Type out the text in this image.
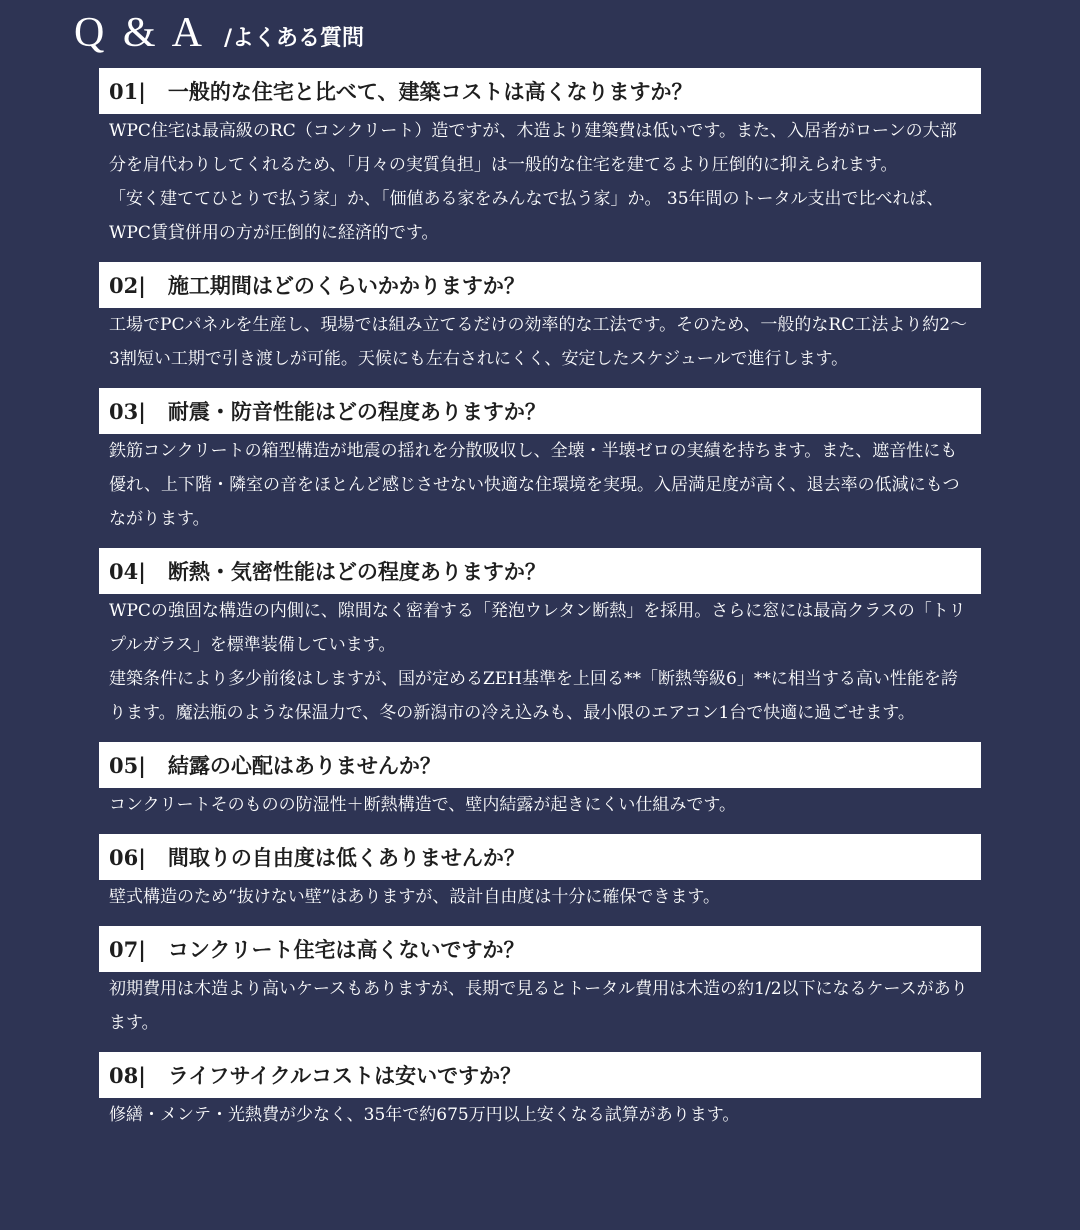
Q & A /よくある質問
01| 一般的な住宅と比べて、建築コストは高くなりますか？

WPC住宅は最高級のRC（コンクリート）造ですが、木造より建築費は低いです。また、入居者がローンの大部分を肩代わりしてくれるため、「月々の実質負担」は一般的な住宅を建てるより圧倒的に抑えられます。

「安く建ててひとりで払う家」か、「価値ある家をみんなで払う家」か。 35年間のトータル支出で比べれば、WPC賃貸併用の方が圧倒的に経済的です。

02| 施工期間はどのくらいかかりますか？

工場でPCパネルを生産し、現場では組み立てるだけの効率的な工法です。そのため、一般的なRC工法より約2〜3割短い工期で引き渡しが可能。天候にも左右されにくく、安定したスケジュールで進行します。

03| 耐震・防音性能はどの程度ありますか？

鉄筋コンクリートの箱型構造が地震の揺れを分散吸収し、全壊・半壊ゼロの実績を持ちます。また、遮音性にも優れ、上下階・隣室の音をほとんど感じさせない快適な住環境を実現。入居満足度が高く、退去率の低減にもつながります。

04| 断熱・気密性能はどの程度ありますか？

WPCの強固な構造の内側に、隙間なく密着する「発泡ウレタン断熱」を採用。さらに窓には最高クラスの「トリプルガラス」を標準装備しています。

建築条件により多少前後はしますが、国が定めるZEH基準を上回る**「断熱等級6」**に相当する高い性能を誇ります。魔法瓶のような保温力で、冬の新潟市の冷え込みも、最小限のエアコン1台で快適に過ごせます。

05| 結露の心配はありませんか？

コンクリートそのものの防湿性＋断熱構造で、壁内結露が起きにくい仕組みです。

06| 間取りの自由度は低くありませんか？

壁式構造のため“抜けない壁”はありますが、設計自由度は十分に確保できます。

07| コンクリート住宅は高くないですか？

初期費用は木造より高いケースもありますが、長期で見るとトータル費用は木造の約1/2以下になるケースがあります。

08| ライフサイクルコストは安いですか？

修繕・メンテ・光熱費が少なく、35年で約675万円以上安くなる試算があります。
